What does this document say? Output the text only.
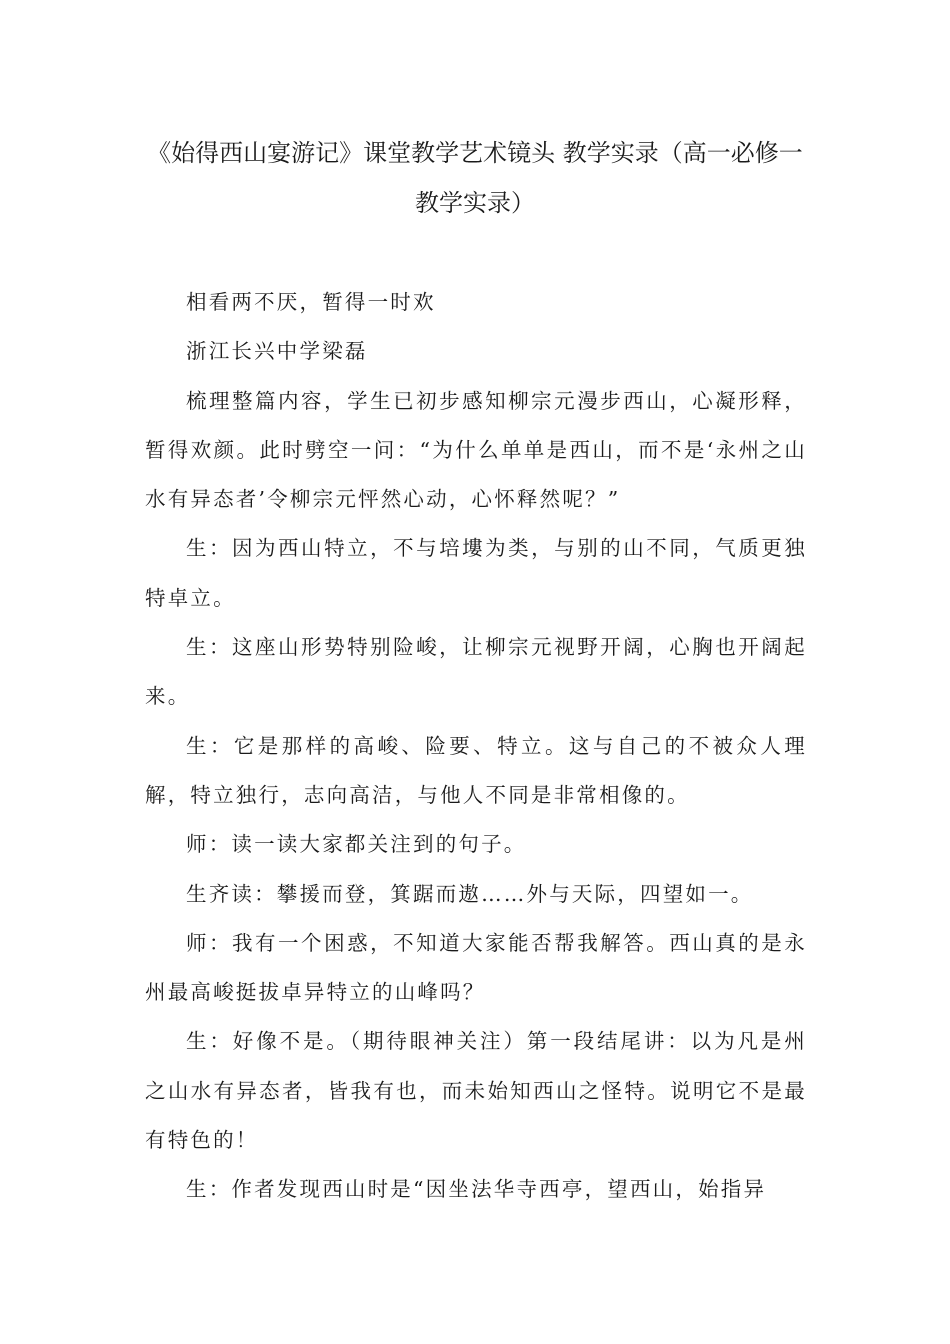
《始得西山宴游记》课堂教学艺术镜头 教学实录（高一必修一教学实录）

相看两不厌，暂得一时欢

浙江长兴中学梁磊

梳理整篇内容，学生已初步感知柳宗元漫步西山，心凝形释，暂得欢颜。此时劈空一问：“为什么单单是西山，而不是‘永州之山水有异态者’令柳宗元怦然心动，心怀释然呢？”

生：因为西山特立，不与培塿为类，与别的山不同，气质更独特卓立。

生：这座山形势特别险峻，让柳宗元视野开阔，心胸也开阔起来。

生：它是那样的高峻、险要、特立。这与自己的不被众人理解，特立独行，志向高洁，与他人不同是非常相像的。

师：读一读大家都关注到的句子。

生齐读：攀援而登，箕踞而遨……外与天际，四望如一。

师：我有一个困惑，不知道大家能否帮我解答。西山真的是永州最高峻挺拔卓异特立的山峰吗？

生：好像不是。（期待眼神关注）第一段结尾讲：以为凡是州之山水有异态者，皆我有也，而未始知西山之怪特。说明它不是最有特色的！

生：作者发现西山时是“因坐法华寺西亭，望西山，始指异
